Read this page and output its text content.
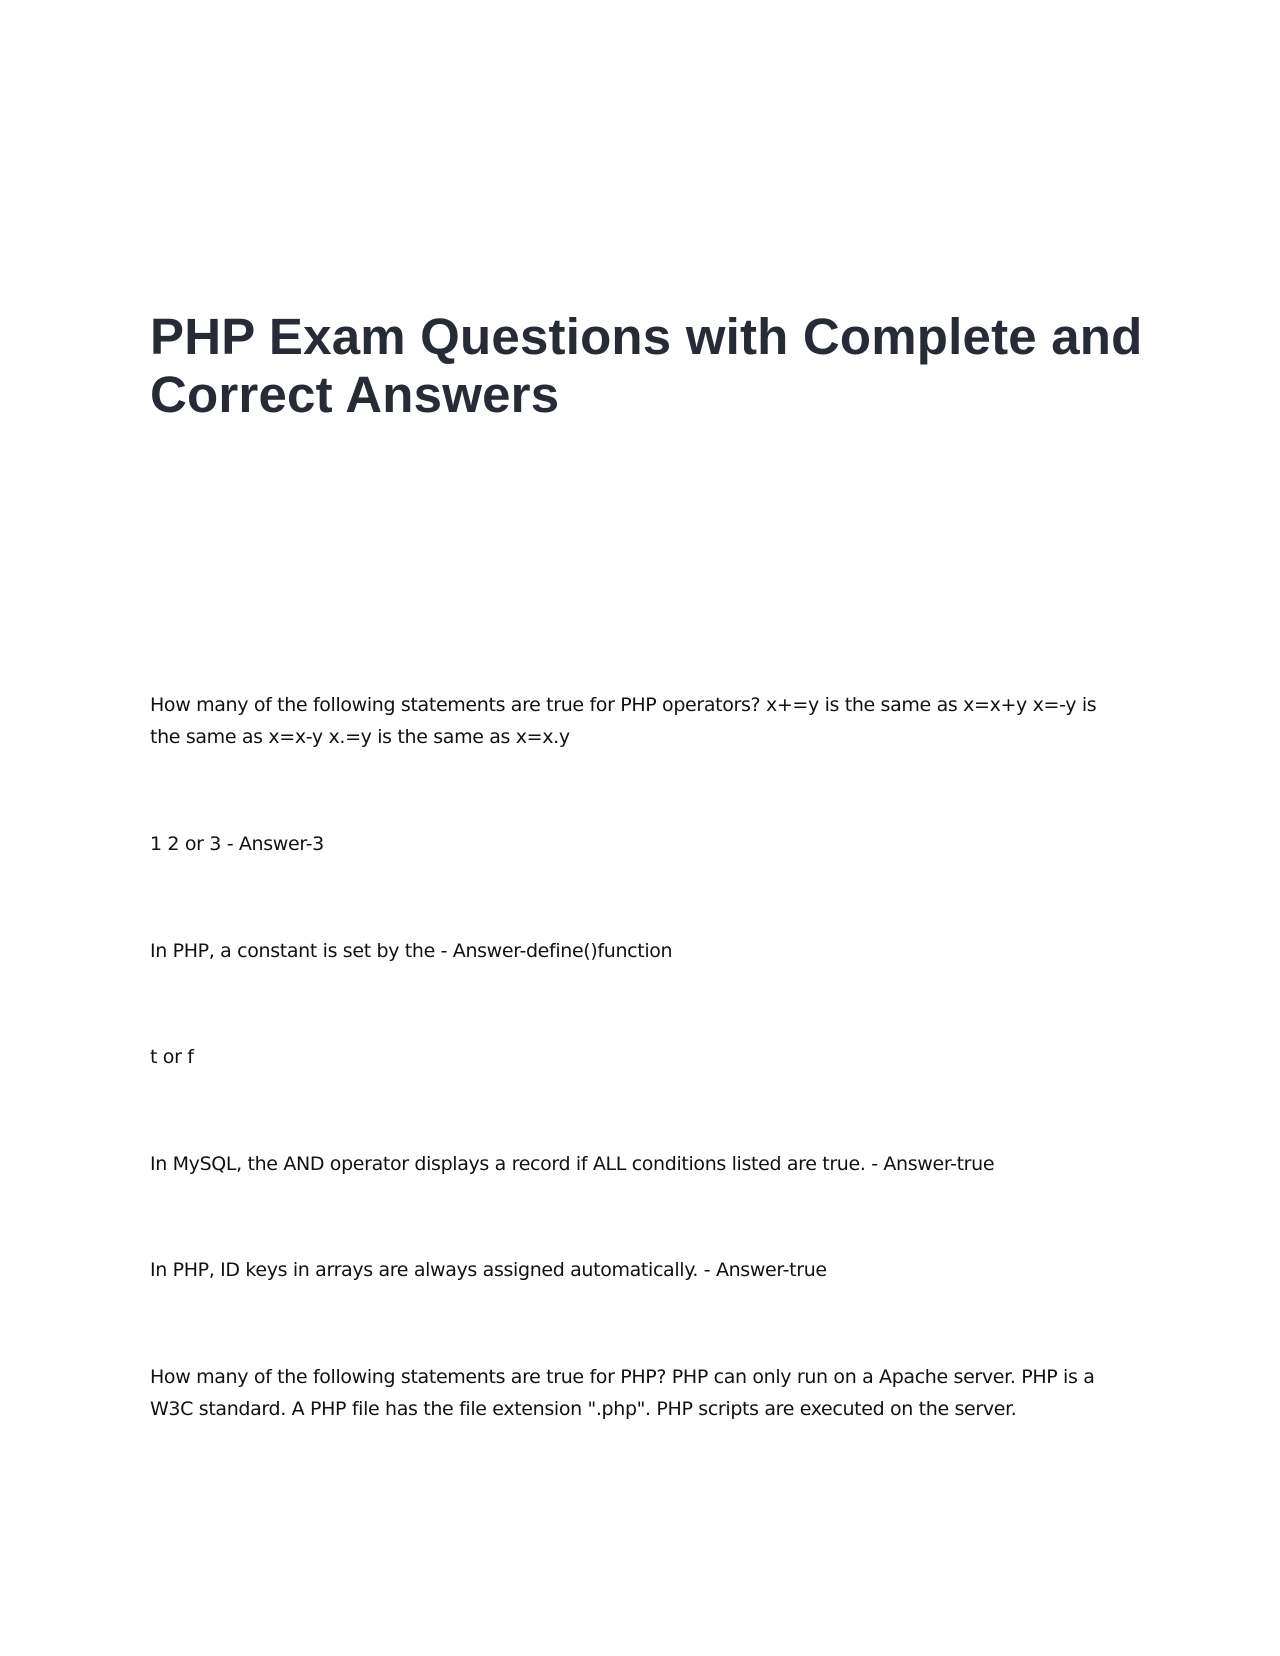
PHP Exam Questions with Complete and Correct Answers

How many of the following statements are true for PHP operators? x+=y is the same as x=x+y x=-y is the same as x=x-y x.=y is the same as x=x.y

1 2 or 3 - Answer-3

In PHP, a constant is set by the - Answer-define()function

t or f

In MySQL, the AND operator displays a record if ALL conditions listed are true. - Answer-true

In PHP, ID keys in arrays are always assigned automatically. - Answer-true

How many of the following statements are true for PHP? PHP can only run on a Apache server. PHP is a W3C standard. A PHP file has the file extension ".php". PHP scripts are executed on the server.
